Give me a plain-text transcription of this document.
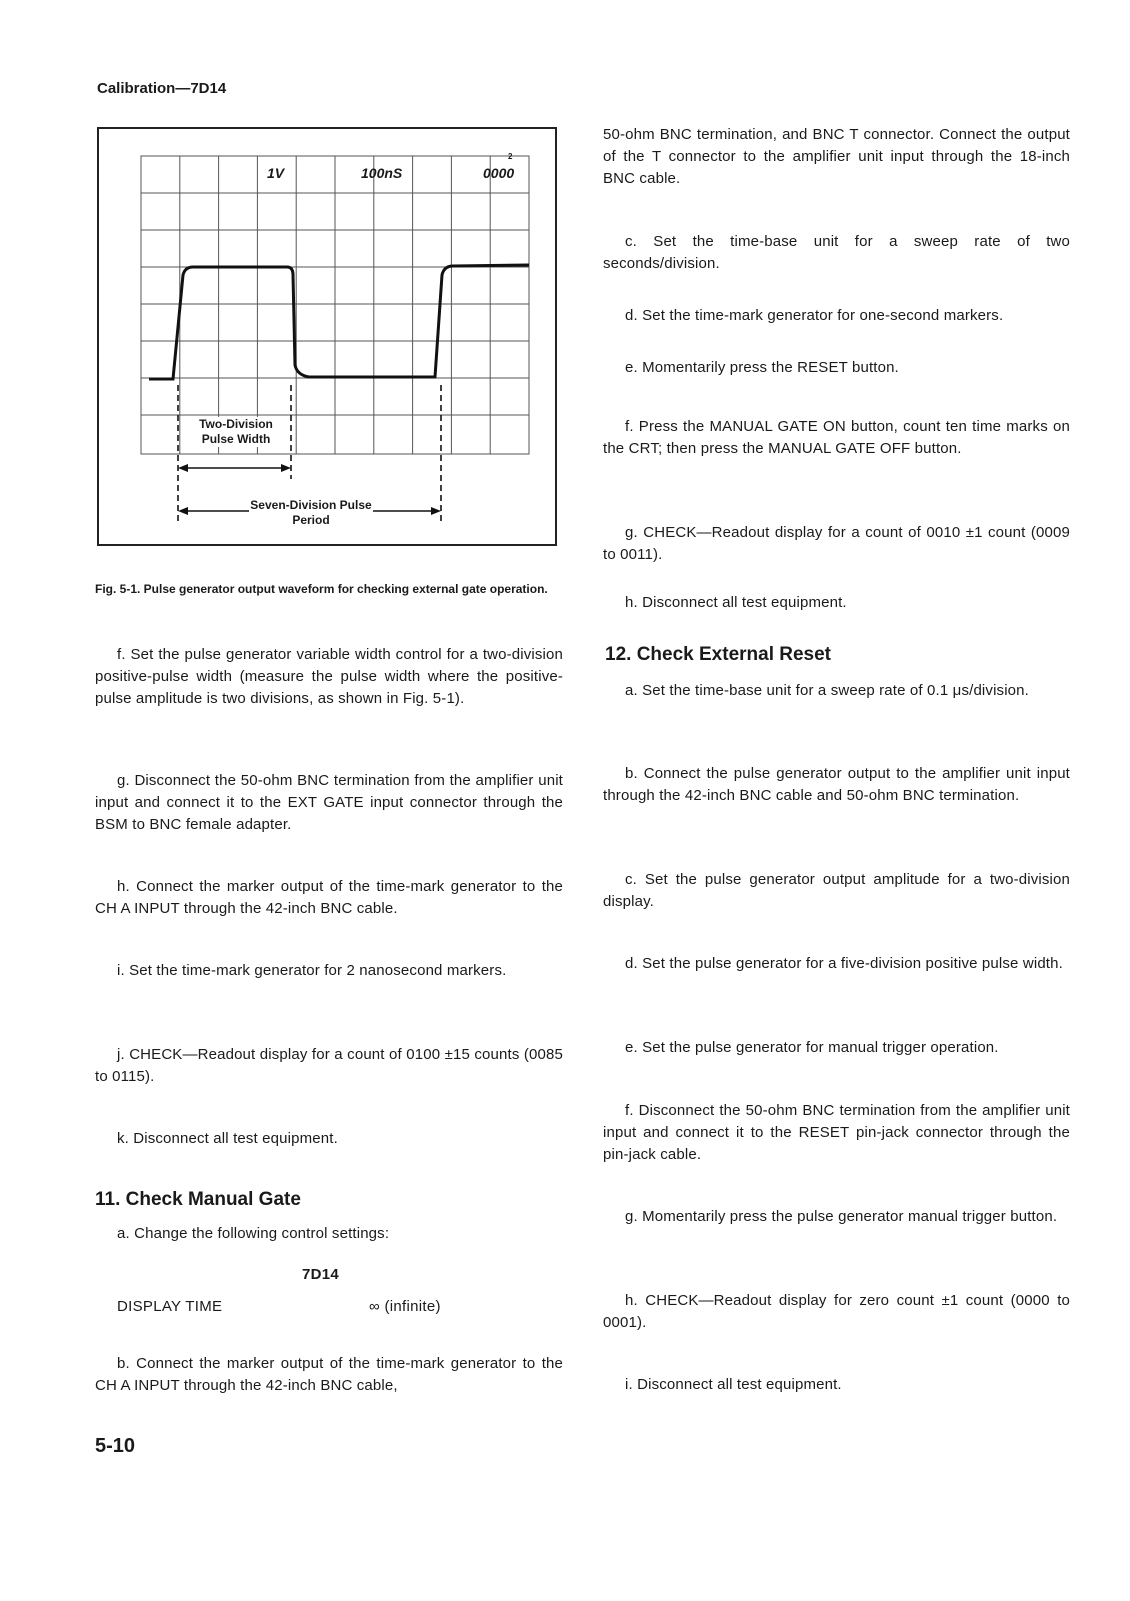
Calibration—7D14
1V	100nS	0000
2
Two-Division Pulse Width
Seven-Division Pulse Period
Fig. 5-1. Pulse generator output waveform for checking external gate operation.
f. Set the pulse generator variable width control for a two-division positive-pulse width (measure the pulse width where the positive-pulse amplitude is two divisions, as shown in Fig. 5-1).
g. Disconnect the 50-ohm BNC termination from the amplifier unit input and connect it to the EXT GATE input connector through the BSM to BNC female adapter.
h. Connect the marker output of the time-mark generator to the CH A INPUT through the 42-inch BNC cable.
i. Set the time-mark generator for 2 nanosecond markers.
j. CHECK—Readout display for a count of 0100 ±15 counts (0085 to 0115).
k. Disconnect all test equipment.
11. Check Manual Gate
a. Change the following control settings:
7D14
DISPLAY TIME	∞ (infinite)
b. Connect the marker output of the time-mark generator to the CH A INPUT through the 42-inch BNC cable,
50-ohm BNC termination, and BNC T connector. Connect the output of the T connector to the amplifier unit input through the 18-inch BNC cable.
c. Set the time-base unit for a sweep rate of two seconds/division.
d. Set the time-mark generator for one-second markers.
e. Momentarily press the RESET button.
f. Press the MANUAL GATE ON button, count ten time marks on the CRT; then press the MANUAL GATE OFF button.
g. CHECK—Readout display for a count of 0010 ±1 count (0009 to 0011).
h. Disconnect all test equipment.
12. Check External Reset
a. Set the time-base unit for a sweep rate of 0.1 μs/division.
b. Connect the pulse generator output to the amplifier unit input through the 42-inch BNC cable and 50-ohm BNC termination.
c. Set the pulse generator output amplitude for a two-division display.
d. Set the pulse generator for a five-division positive pulse width.
e. Set the pulse generator for manual trigger operation.
f. Disconnect the 50-ohm BNC termination from the amplifier unit input and connect it to the RESET pin-jack connector through the pin-jack cable.
g. Momentarily press the pulse generator manual trigger button.
h. CHECK—Readout display for zero count ±1 count (0000 to 0001).
i. Disconnect all test equipment.
5-10
